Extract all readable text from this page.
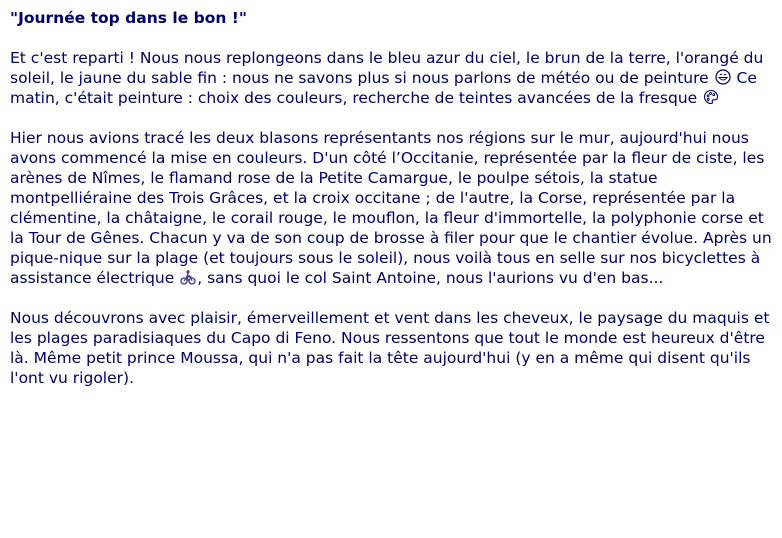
"Journée top dans le bon !"

Et c'est reparti ! Nous nous replongeons dans le bleu azur du ciel, le brun de la terre, l'orangé du soleil, le jaune du sable fin : nous ne savons plus si nous parlons de météo ou de peinture  Ce matin, c'était peinture : choix des couleurs, recherche de teintes avancées de la fresque

Hier nous avions tracé les deux blasons représentants nos régions sur le mur, aujourd'hui nous avons commencé la mise en couleurs. D'un côté l’Occitanie, représentée par la fleur de ciste, les arènes de Nîmes, le flamand rose de la Petite Camargue, le poulpe sétois, la statue montpelliéraine des Trois Grâces, et la croix occitane ; de l'autre, la Corse, représentée par la clémentine, la châtaigne, le corail rouge, le mouflon, la fleur d'immortelle, la polyphonie corse et la Tour de Gênes. Chacun y va de son coup de brosse à filer pour que le chantier évolue. Après un pique-nique sur la plage (et toujours sous le soleil), nous voilà tous en selle sur nos bicyclettes à assistance électrique , sans quoi le col Saint Antoine, nous l'aurions vu d'en bas...

Nous découvrons avec plaisir, émerveillement et vent dans les cheveux, le paysage du maquis et les plages paradisiaques du Capo di Feno. Nous ressentons que tout le monde est heureux d'être là. Même petit prince Moussa, qui n'a pas fait la tête aujourd'hui (y en a même qui disent qu'ils l'ont vu rigoler).
